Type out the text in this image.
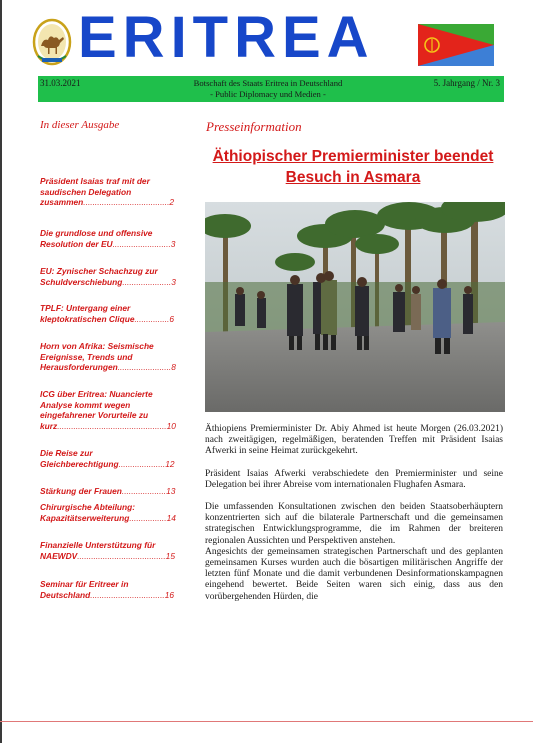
ERITREA
31.03.2021	Botschaft des Staats Eritrea in Deutschland
- Public Diplomacy und Medien -
5. Jahrgang / Nr. 3
In dieser Ausgabe
Präsident Isaias traf mit der
saudischen Delegation
zusammen.....................................2
Die grundlose und offensive
Resolution der EU.........................3
EU: Zynischer Schachzug zur
Schuldverschiebung.....................3
TPLF: Untergang einer
kleptokratischen Clique...............6
Horn von Afrika: Seismische
Ereignisse, Trends und
Herausforderungen.......................8
ICG über Eritrea: Nuancierte
Analyse kommt wegen
eingefahrener Vorurteile zu
kurz...............................................10
Die Reise zur
Gleichberechtigung....................12
Stärkung der Frauen...................13
Chirurgische Abteilung:
Kapazitätserweiterung................14
Finanzielle Unterstützung für
NAEWDV......................................15
Seminar für Eritreer in
Deutschland................................16
Presseinformation
Äthiopischer Premierminister beendet
Besuch in Asmara

Äthiopiens Premierminister Dr. Abiy Ahmed ist heute Morgen (26.03.2021) nach zweitägigen, regelmäßigen, beratenden Treffen mit Präsident Isaias Afwerki in seine Heimat zurückgekehrt.

Präsident Isaias Afwerki verabschiedete den Premierminister und seine Delegation bei ihrer Abreise vom internationalen Flughafen Asmara.

Die umfassenden Konsultationen zwischen den beiden Staatsoberhäuptern konzentrierten sich auf die bilaterale Partnerschaft und die gemeinsamen strategischen Entwicklungsprogramme, die im Rahmen der breiteren regionalen Aussichten und Perspektiven anstehen.

Angesichts der gemeinsamen strategischen Partnerschaft und des geplanten gemeinsamen Kurses wurden auch die bösartigen militärischen Angriffe der letzten fünf Monate und die damit verbundenen Desinformationskampagnen eingehend bewertet. Beide Seiten waren sich einig, dass aus den vorübergehenden Hürden, die
